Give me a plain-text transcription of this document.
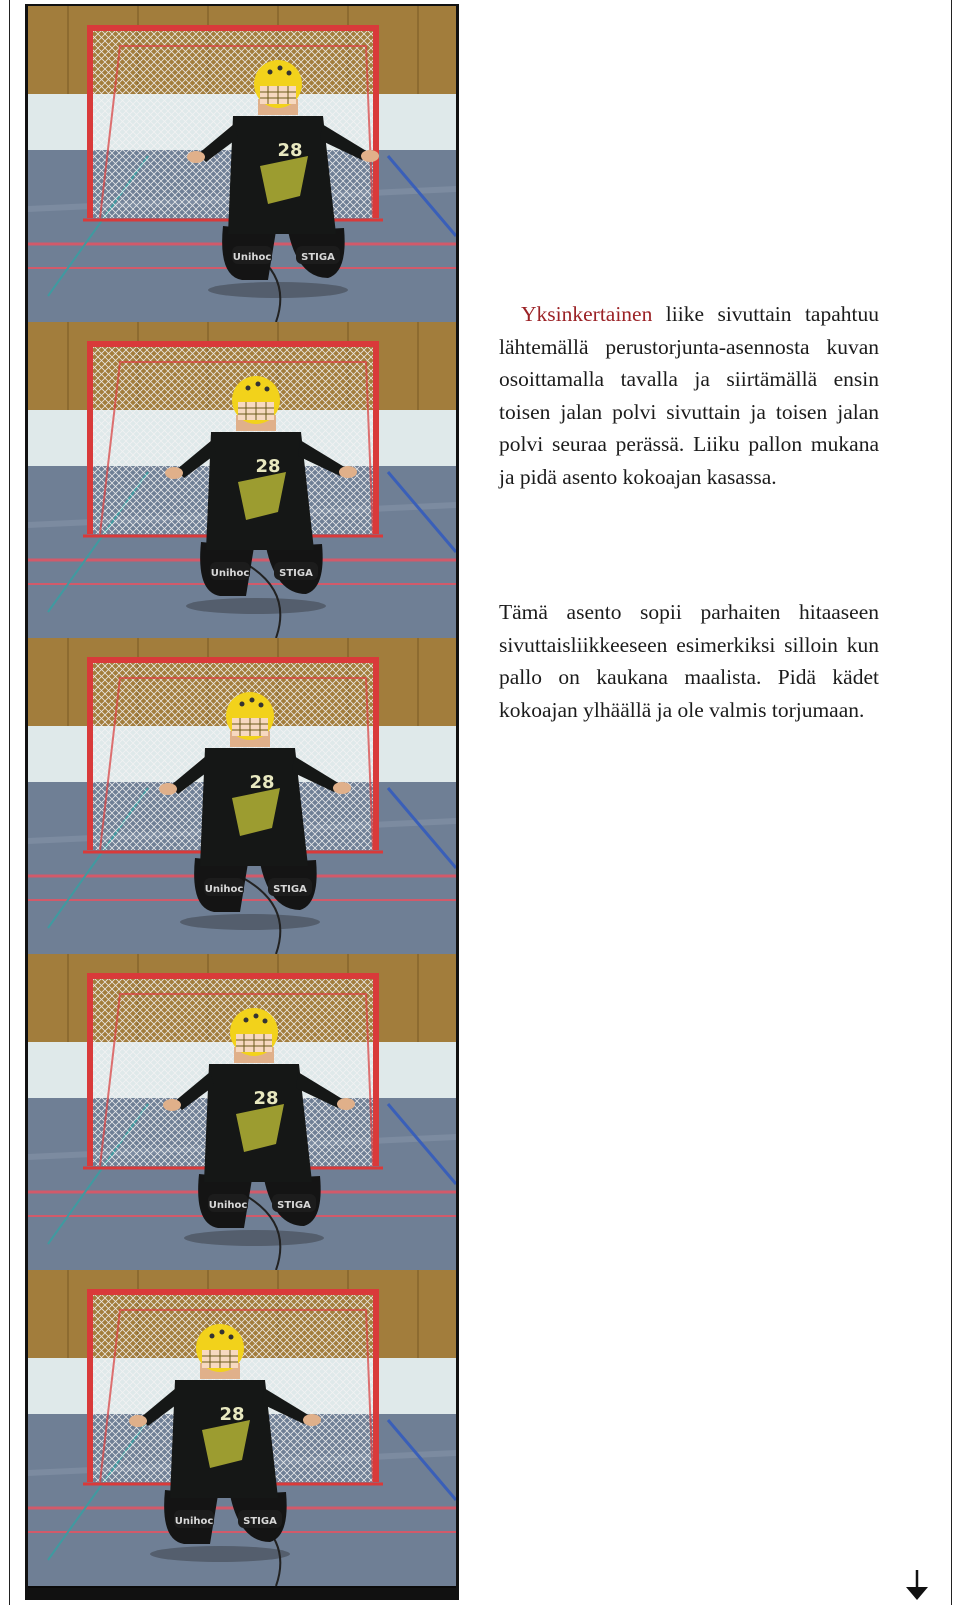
28
Unihoc	STIGA
28
Unihoc	STIGA
28
Unihoc	STIGA
28
Unihoc	STIGA
28
Unihoc	STIGA
Yksinkertainen liike sivuttain tapahtuu lähtemällä perustorjunta-asennosta kuvan osoittamalla tavalla ja siirtämällä ensin toisen jalan polvi sivuttain ja toisen jalan polvi seuraa perässä. Liiku pallon mukana ja pidä asento kokoajan kasassa.
Tämä asento sopii parhaiten hitaaseen sivuttaisliikkeeseen esimerkiksi silloin kun pallo on kaukana maalista. Pidä kädet kokoajan ylhäällä ja ole valmis torjumaan.
